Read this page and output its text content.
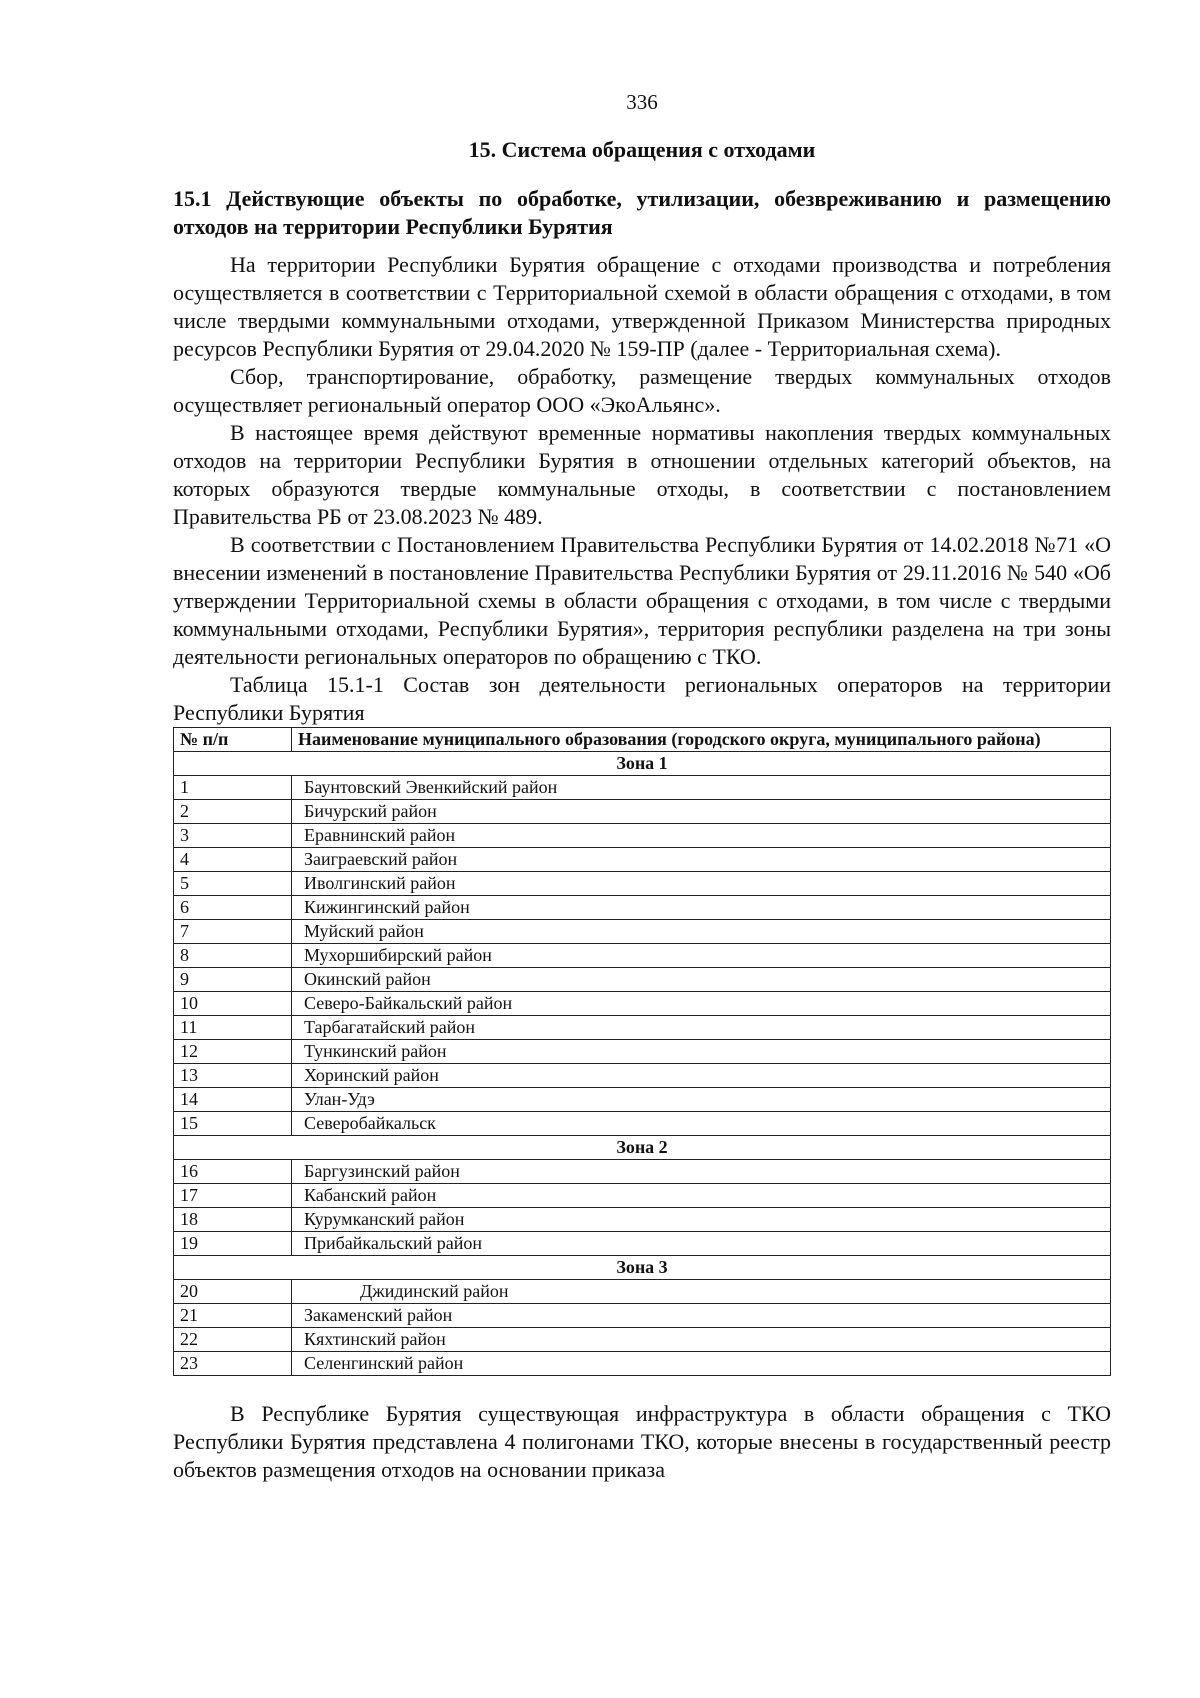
336
15. Система обращения с отходами
15.1 Действующие объекты по обработке, утилизации, обезвреживанию и размещению отходов на территории Республики Бурятия

На территории Республики Бурятия обращение с отходами производства и потребления осуществляется в соответствии с Территориальной схемой в области обращения с отходами, в том числе твердыми коммунальными отходами, утвержденной Приказом Министерства природных ресурсов Республики Бурятия от 29.04.2020 № 159-ПР (далее - Территориальная схема).

Сбор, транспортирование, обработку, размещение твердых коммунальных отходов осуществляет региональный оператор ООО «ЭкоАльянс».

В настоящее время действуют временные нормативы накопления твердых коммунальных отходов на территории Республики Бурятия в отношении отдельных категорий объектов, на которых образуются твердые коммунальные отходы, в соответствии с постановлением Правительства РБ от 23.08.2023 № 489.

В соответствии с Постановлением Правительства Республики Бурятия от 14.02.2018 №71 «О внесении изменений в постановление Правительства Республики Бурятия от 29.11.2016 № 540 «Об утверждении Территориальной схемы в области обращения с отходами, в том числе с твердыми коммунальными отходами, Республики Бурятия», территория республики разделена на три зоны деятельности региональных операторов по обращению с ТКО.

Таблица 15.1-1 Состав зон деятельности региональных операторов на территории Республики Бурятия

№ п/п	Наименование муниципального образования (городского округа, муниципального района)
Зона 1	
1	Баунтовский Эвенкийский район
2	Бичурский район
3	Еравнинский район
4	Заиграевский район
5	Иволгинский район
6	Кижингинский район
7	Муйский район
8	Мухоршибирский район
9	Окинский район
10	Северо-Байкальский район
11	Тарбагатайский район
12	Тункинский район
13	Хоринский район
14	Улан-Удэ
15	Северобайкальск
Зона 2	
16	Баргузинский район
17	Кабанский район
18	Курумканский район
19	Прибайкальский район
Зона 3	
20	Джидинский район
21	Закаменский район
22	Кяхтинский район
23	Селенгинский район

В Республике Бурятия существующая инфраструктура в области обращения с ТКО Республики Бурятия представлена 4 полигонами ТКО, которые внесены в государственный реестр объектов размещения отходов на основании приказа
